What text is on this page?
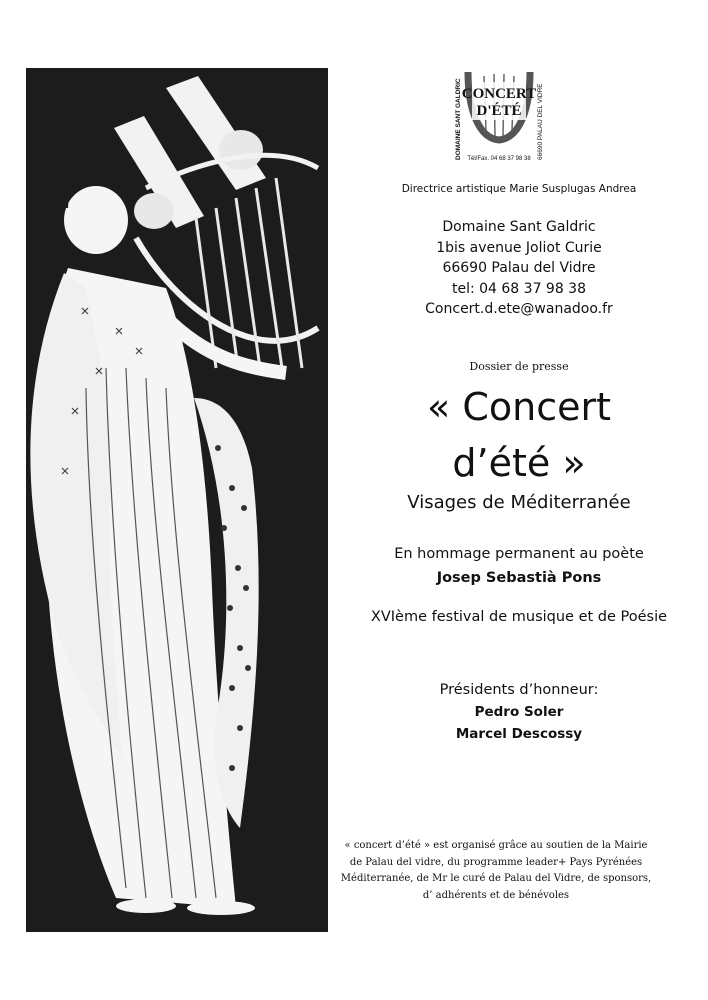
CONCERT
D'ÉTÉ
DOMAINE SANT GALDRIC	66690 PALAU DEL VIDRE
Tél/Fax. 04 68 37 98 38

Directrice artistique Marie Susplugas Andrea

Domaine Sant Galdric
1bis avenue Joliot Curie
66690 Palau del Vidre
tel: 04 68 37 98 38
Concert.d.ete@wanadoo.fr

Dossier de presse

« Concert

d’été »

Visages de Méditerranée

En hommage permanent au poète

Josep Sebastià Pons

XVIème festival de musique et de Poésie

Présidents d’honneur:

Pedro Soler

Marcel Descossy

« concert d’été » est organisé grâce au soutien de la Mairie
de Palau del vidre, du programme leader+ Pays Pyrénées
Méditerranée, de Mr le curé de Palau del Vidre, de sponsors,
d’ adhérents et de bénévoles
